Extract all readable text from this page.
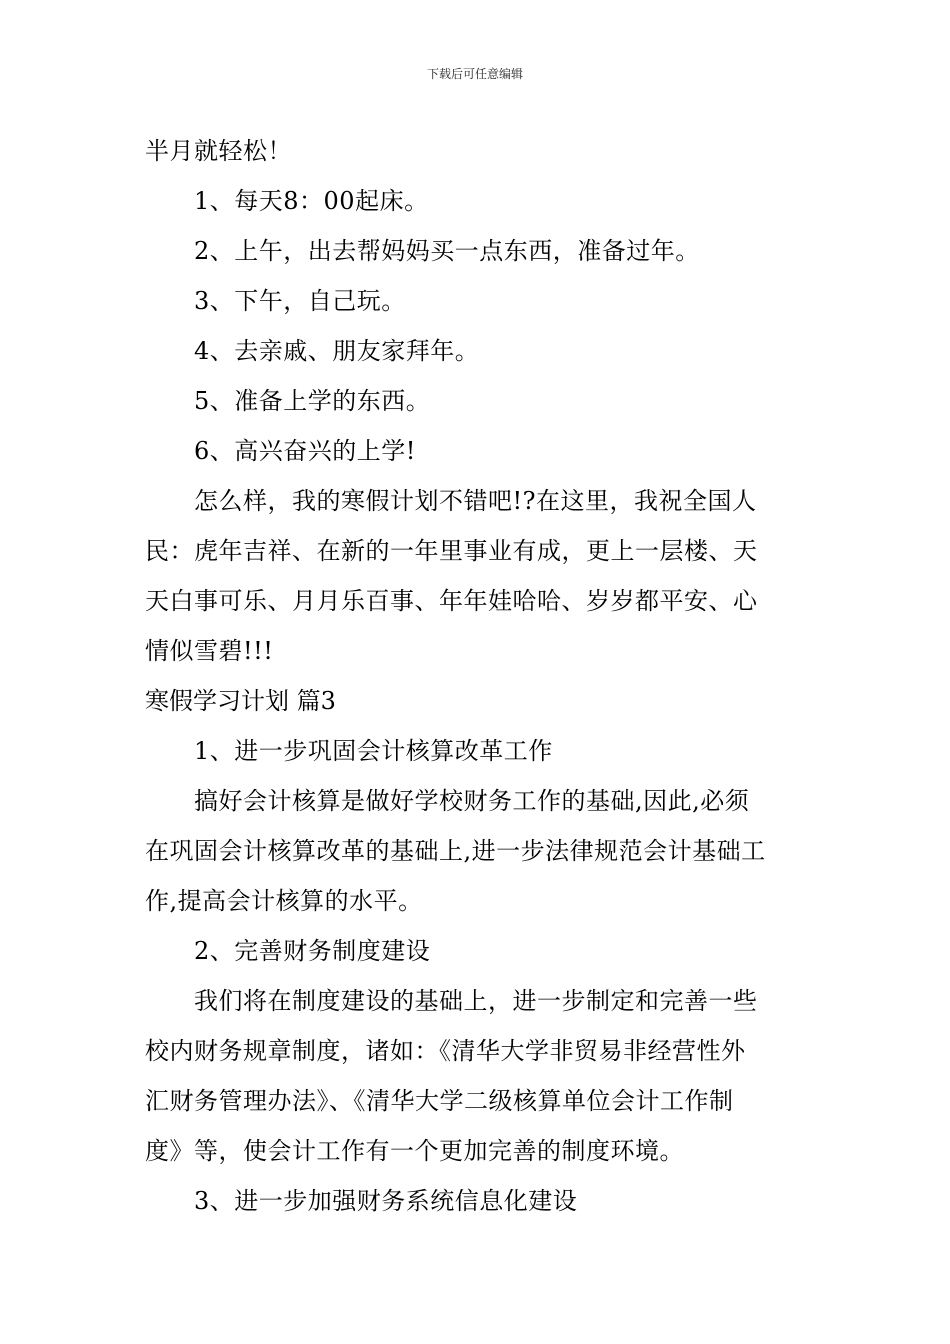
下载后可任意编辑
半月就轻松！
1、每天8：00起床。
2、上午，出去帮妈妈买一点东西，准备过年。
3、下午，自己玩。
4、去亲戚、朋友家拜年。
5、准备上学的东西。
6、高兴奋兴的上学!
怎么样，我的寒假计划不错吧!?在这里，我祝全国人
民：虎年吉祥、在新的一年里事业有成，更上一层楼、天
天白事可乐、月月乐百事、年年娃哈哈、岁岁都平安、心
情似雪碧!!!
寒假学习计划 篇3
1、进一步巩固会计核算改革工作
搞好会计核算是做好学校财务工作的基础,因此,必须
在巩固会计核算改革的基础上,进一步法律规范会计基础工
作,提高会计核算的水平。
2、完善财务制度建设
我们将在制度建设的基础上，进一步制定和完善一些
校内财务规章制度，诸如：《清华大学非贸易非经营性外
汇财务管理办法》、《清华大学二级核算单位会计工作制
度》等，使会计工作有一个更加完善的制度环境。
3、进一步加强财务系统信息化建设
